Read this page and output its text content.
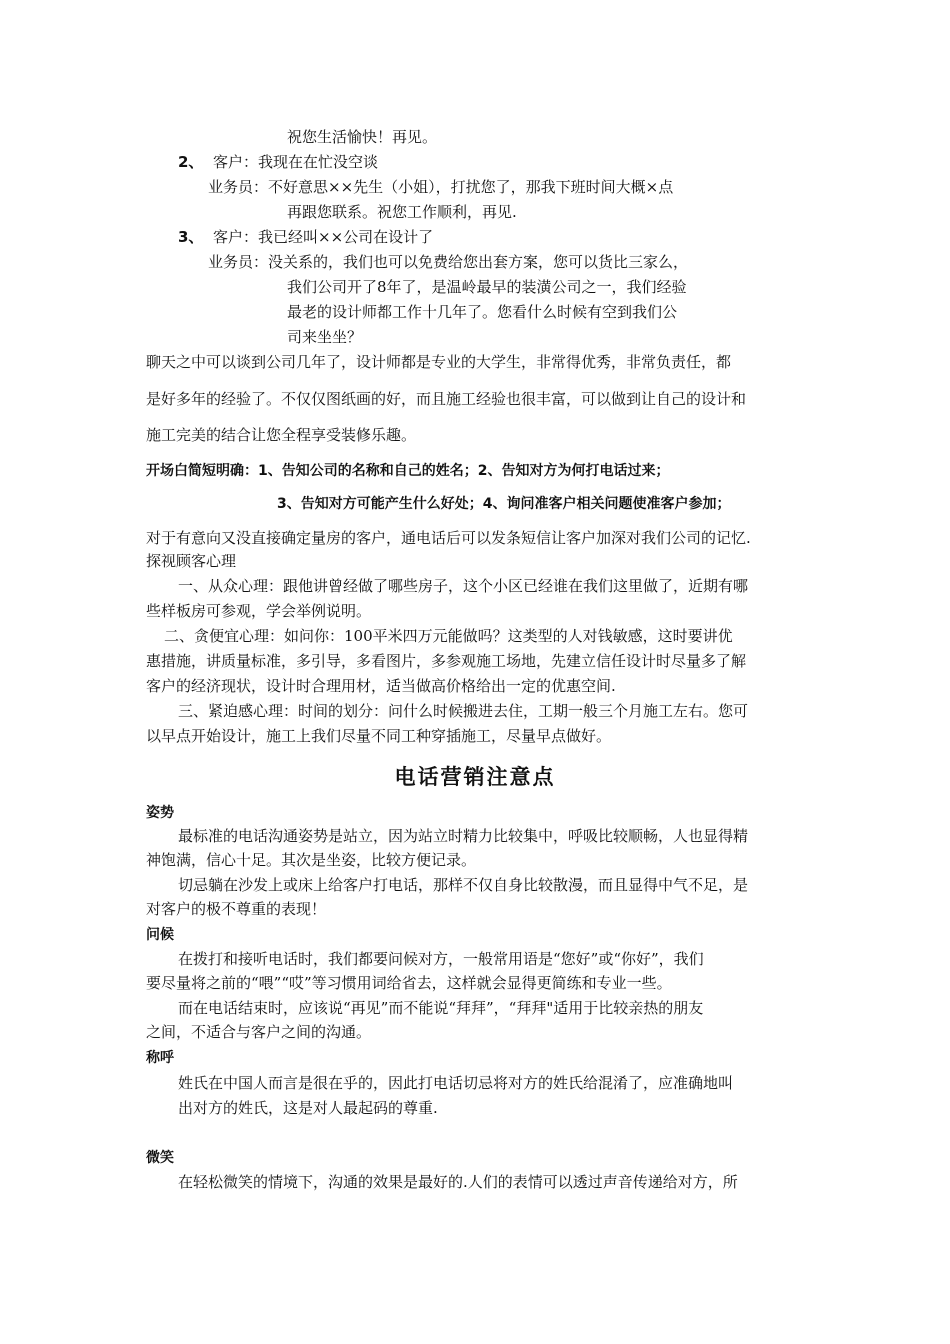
祝您生活愉快！再见。
2、 客户：我现在在忙没空谈
业务员：不好意思××先生（小姐），打扰您了，那我下班时间大概×点
再跟您联系。祝您工作顺利，再见.
3、 客户：我已经叫××公司在设计了
业务员：没关系的，我们也可以免费给您出套方案，您可以货比三家么，
我们公司开了8年了，是温岭最早的装潢公司之一，我们经验
最老的设计师都工作十几年了。您看什么时候有空到我们公
司来坐坐？
聊天之中可以谈到公司几年了，设计师都是专业的大学生，非常得优秀，非常负责任，都
是好多年的经验了。不仅仅图纸画的好，而且施工经验也很丰富，可以做到让自己的设计和
施工完美的结合让您全程享受装修乐趣。
开场白简短明确：1、告知公司的名称和自己的姓名；2、告知对方为何打电话过来；
3、告知对方可能产生什么好处；4、询问准客户相关问题使准客户参加；
对于有意向又没直接确定量房的客户，通电话后可以发条短信让客户加深对我们公司的记忆.
探视顾客心理
一、从众心理：跟他讲曾经做了哪些房子，这个小区已经谁在我们这里做了，近期有哪
些样板房可参观，学会举例说明。
二、贪便宜心理：如问你：100平米四万元能做吗？这类型的人对钱敏感，这时要讲优
惠措施，讲质量标准，多引导，多看图片，多参观施工场地，先建立信任设计时尽量多了解
客户的经济现状，设计时合理用材，适当做高价格给出一定的优惠空间.
三、紧迫感心理：时间的划分：问什么时候搬进去住，工期一般三个月施工左右。您可
以早点开始设计，施工上我们尽量不同工种穿插施工，尽量早点做好。
电话营销注意点
姿势
最标准的电话沟通姿势是站立，因为站立时精力比较集中，呼吸比较顺畅，人也显得精
神饱满，信心十足。其次是坐姿，比较方便记录。
切忌躺在沙发上或床上给客户打电话，那样不仅自身比较散漫，而且显得中气不足，是
对客户的极不尊重的表现！
问候
在拨打和接听电话时，我们都要问候对方，一般常用语是“您好”或“你好”，我们
要尽量将之前的“喂”“哎”等习惯用词给省去，这样就会显得更简练和专业一些。
而在电话结束时，应该说“再见”而不能说“拜拜”，“拜拜"适用于比较亲热的朋友
之间，不适合与客户之间的沟通。
称呼
姓氏在中国人而言是很在乎的，因此打电话切忌将对方的姓氏给混淆了，应准确地叫
出对方的姓氏，这是对人最起码的尊重.
微笑
在轻松微笑的情境下，沟通的效果是最好的.人们的表情可以透过声音传递给对方，所
